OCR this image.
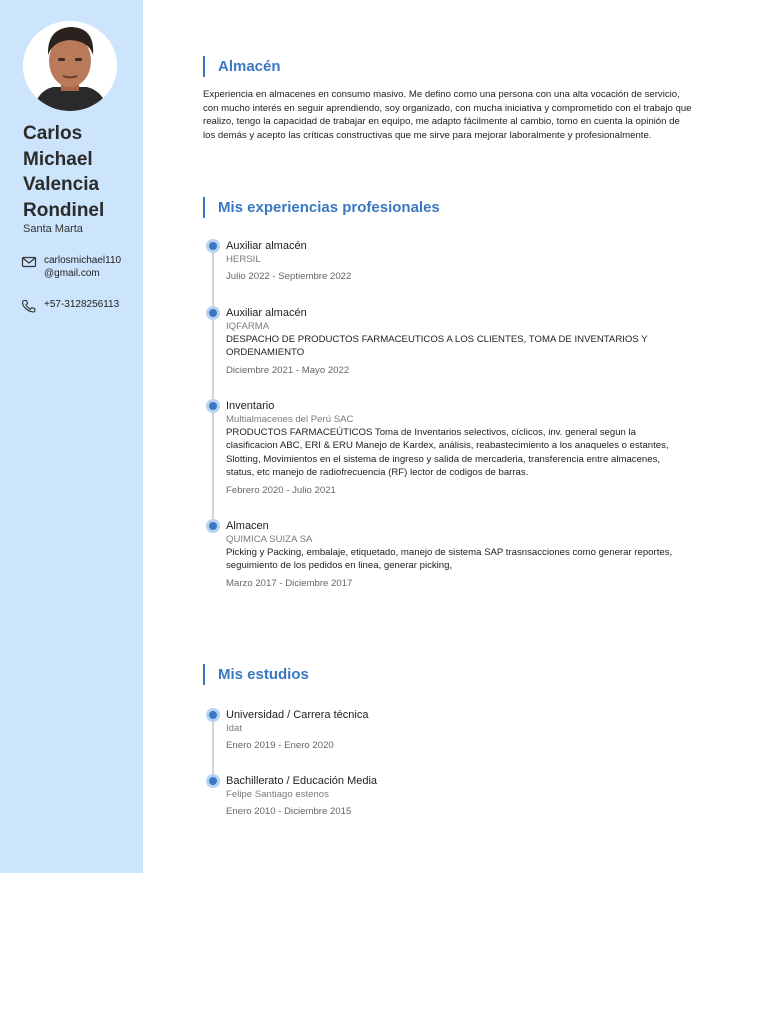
Carlos Michael Valencia Rondinel
Santa Marta
carlosmichael110@gmail.com
+57-3128256113
Almacén
Experiencia en almacenes en consumo masivo. Me defino como una persona con una alta vocación de servicio, con mucho interés en seguir aprendiendo, soy organizado, con mucha iniciativa y comprometido con el trabajo que realizo, tengo la capacidad de trabajar en equipo, me adapto fácilmente al cambio, tomo en cuenta la opinión de los demás y acepto las críticas constructivas que me sirve para mejorar laboralmente y profesionalmente.
Mis experiencias profesionales
Auxiliar almacén
HERSIL
Julio 2022 - Septiembre 2022
Auxiliar almacén
IQFARMA
DESPACHO DE PRODUCTOS FARMACEUTICOS A LOS CLIENTES, TOMA DE INVENTARIOS Y ORDENAMIENTO
Diciembre 2021 - Mayo 2022
Inventario
Multialmacenes del Perú SAC
PRODUCTOS FARMACEÚTICOS Toma de Inventarios selectivos, cíclicos, inv. general segun la clasificacion ABC, ERI & ERU Manejo de Kardex, análisis, reabastecimiento a los anaqueles o estantes, Slotting, Movimientos en el sistema de ingreso y salida de mercaderia, transferencia entre almacenes, status, etc manejo de radiofrecuencia (RF) lector de codigos de barras.
Febrero 2020 - Julio 2021
Almacen
QUIMICA SUIZA SA
Picking y Packing, embalaje, etiquetado, manejo de sistema SAP trasnsacciones como generar reportes, seguimiento de los pedidos en linea, generar picking,
Marzo 2017 - Diciembre 2017
Mis estudios
Universidad / Carrera técnica
Idat
Enero 2019 - Enero 2020
Bachillerato / Educación Media
Felipe Santiago estenos
Enero 2010 - Diciembre 2015
